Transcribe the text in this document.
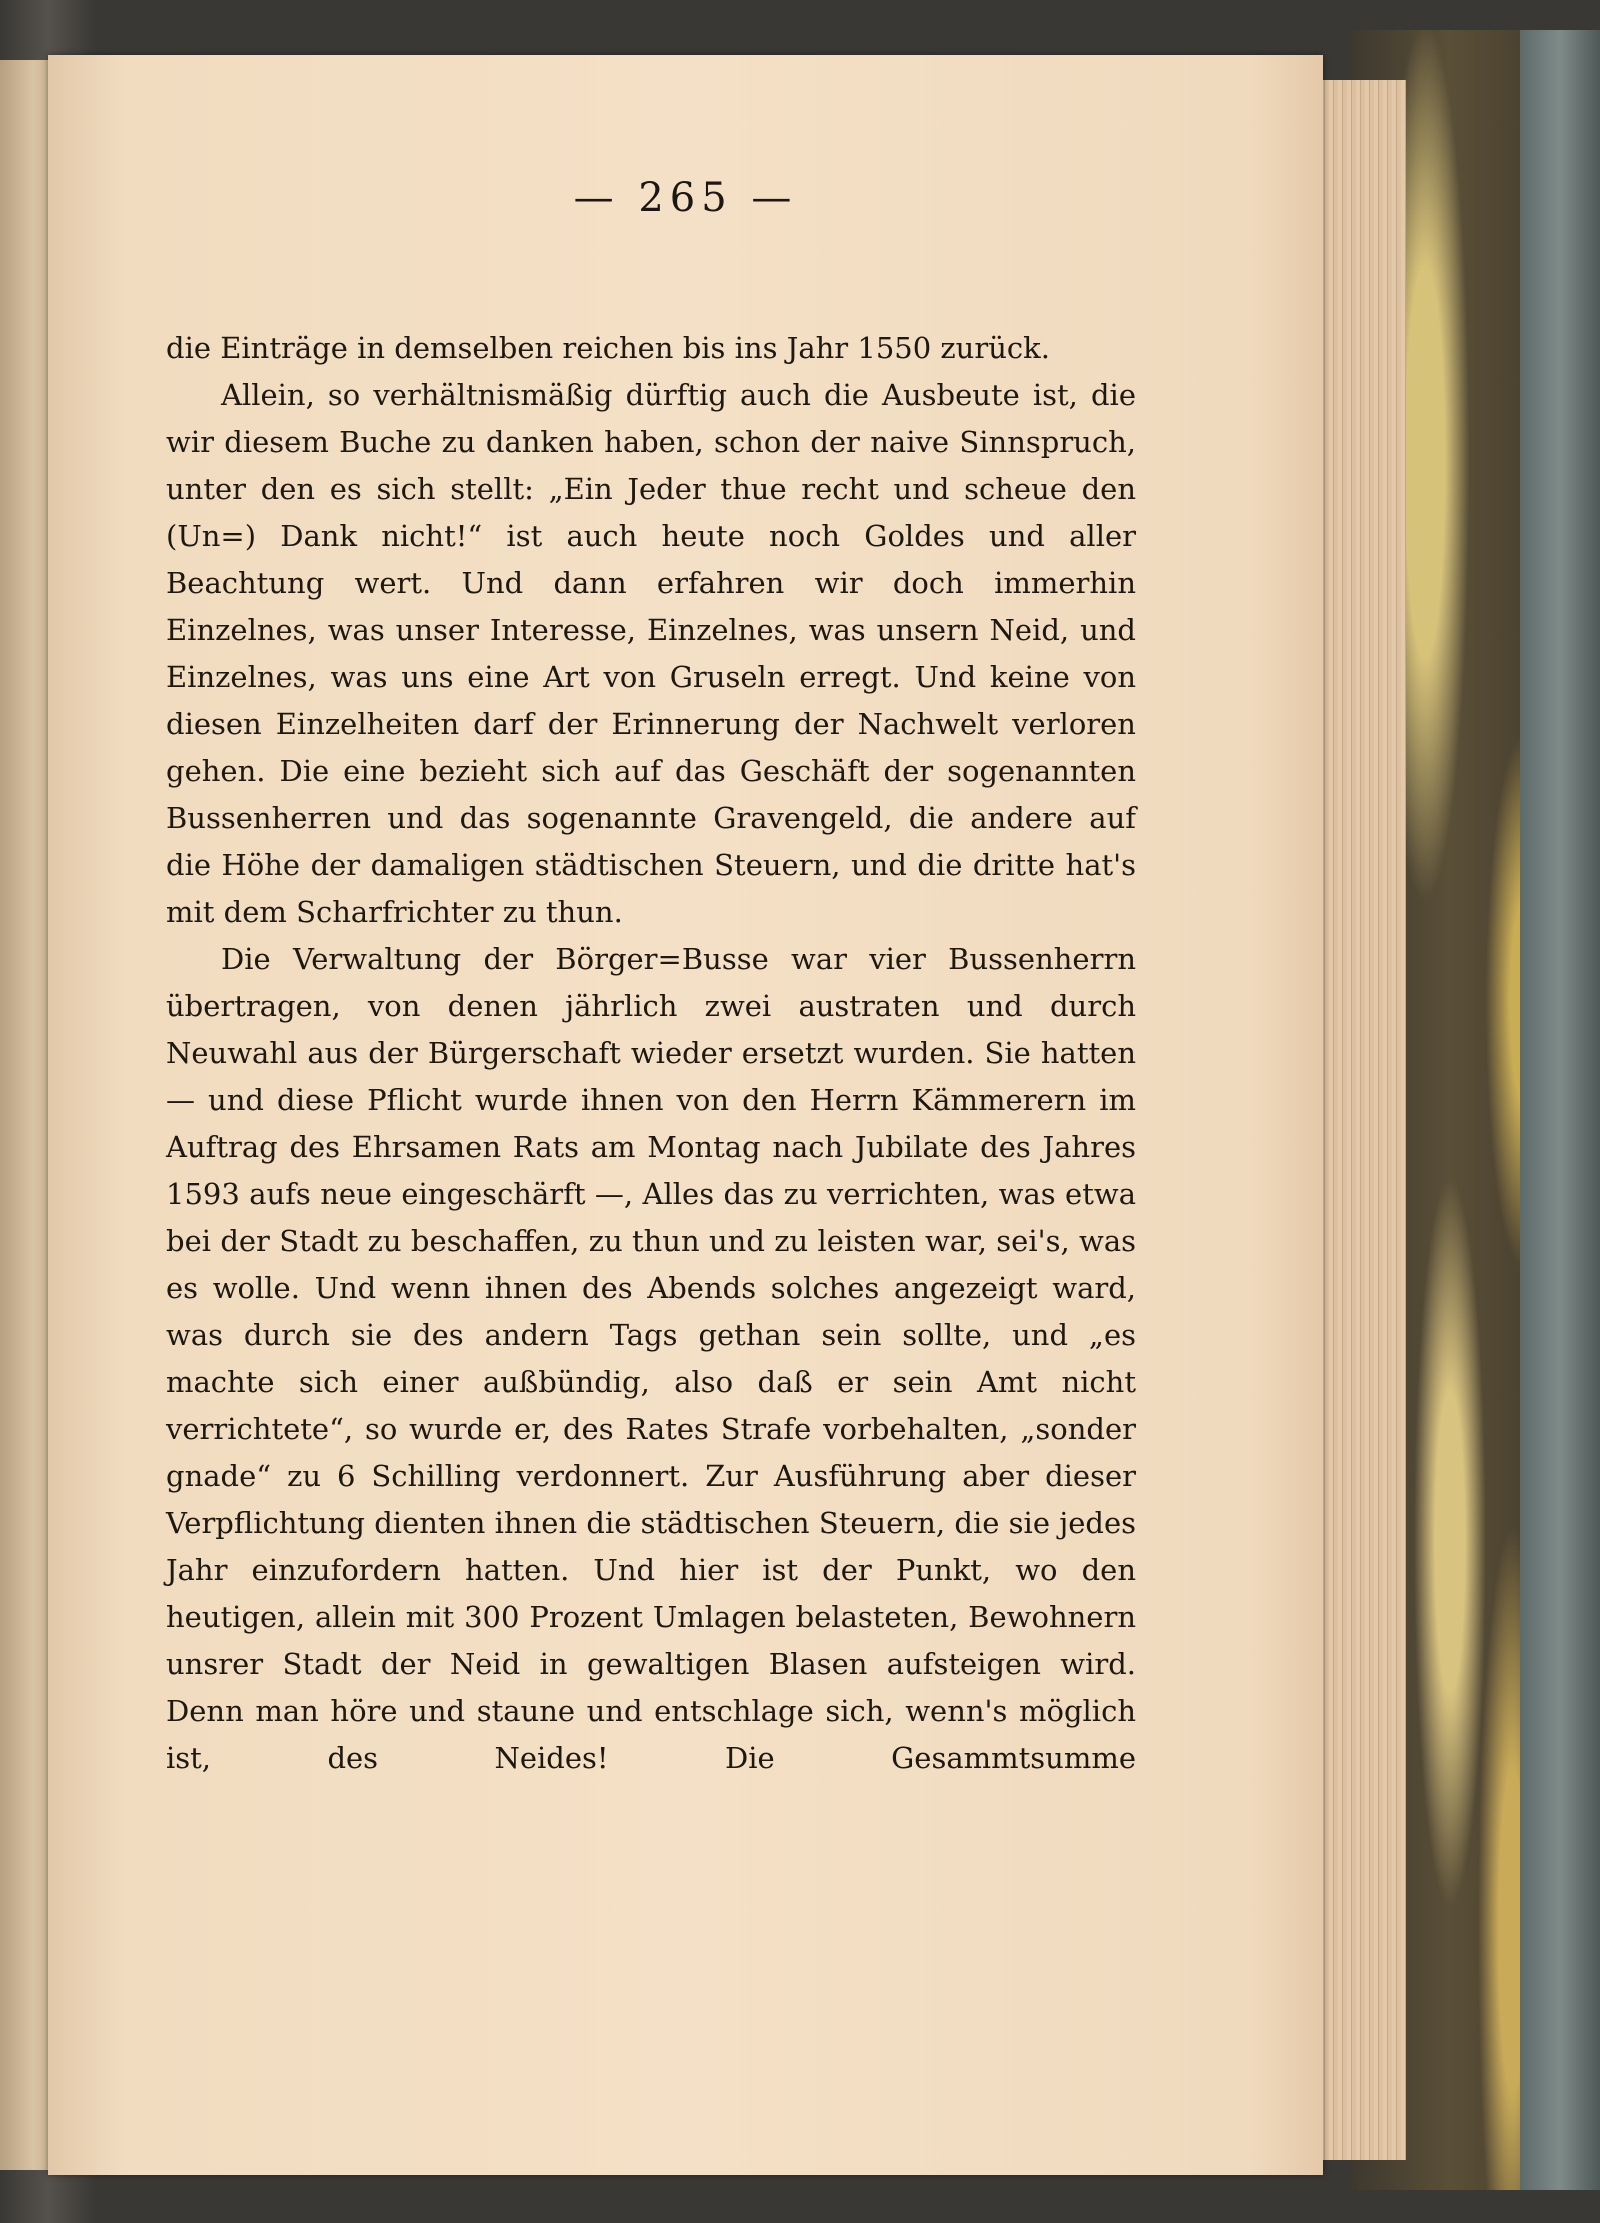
— 265 —

die Einträge in demselben reichen bis ins Jahr 1550 zurück.

Allein, so verhältnismäßig dürftig auch die Ausbeute ist, die wir diesem Buche zu danken haben, schon der naive Sinnspruch, unter den es sich stellt: „Ein Jeder thue recht und scheue den (Un=) Dank nicht!“ ist auch heute noch Goldes und aller Beachtung wert. Und dann erfahren wir doch immerhin Einzelnes, was unser Interesse, Einzelnes, was unsern Neid, und Einzelnes, was uns eine Art von Gruseln erregt. Und keine von diesen Einzelheiten darf der Erinnerung der Nachwelt verloren gehen. Die eine bezieht sich auf das Geschäft der sogenannten Bussenherren und das sogenannte Gravengeld, die andere auf die Höhe der damaligen städtischen Steuern, und die dritte hat's mit dem Scharfrichter zu thun.

Die Verwaltung der Börger=Busse war vier Bussenherrn übertragen, von denen jährlich zwei austraten und durch Neuwahl aus der Bürgerschaft wieder ersetzt wurden. Sie hatten — und diese Pflicht wurde ihnen von den Herrn Kämmerern im Auftrag des Ehrsamen Rats am Montag nach Jubilate des Jahres 1593 aufs neue eingeschärft —, Alles das zu verrichten, was etwa bei der Stadt zu beschaffen, zu thun und zu leisten war, sei's, was es wolle. Und wenn ihnen des Abends solches angezeigt ward, was durch sie des andern Tags gethan sein sollte, und „es machte sich einer außbündig, also daß er sein Amt nicht verrichtete“, so wurde er, des Rates Strafe vorbehalten, „sonder gnade“ zu 6 Schilling verdonnert. Zur Ausführung aber dieser Verpflichtung dienten ihnen die städtischen Steuern, die sie jedes Jahr einzufordern hatten. Und hier ist der Punkt, wo den heutigen, allein mit 300 Prozent Umlagen belasteten, Bewohnern unsrer Stadt der Neid in gewaltigen Blasen aufsteigen wird. Denn man höre und staune und entschlage sich, wenn's möglich ist, des Neides! Die Gesammtsumme
